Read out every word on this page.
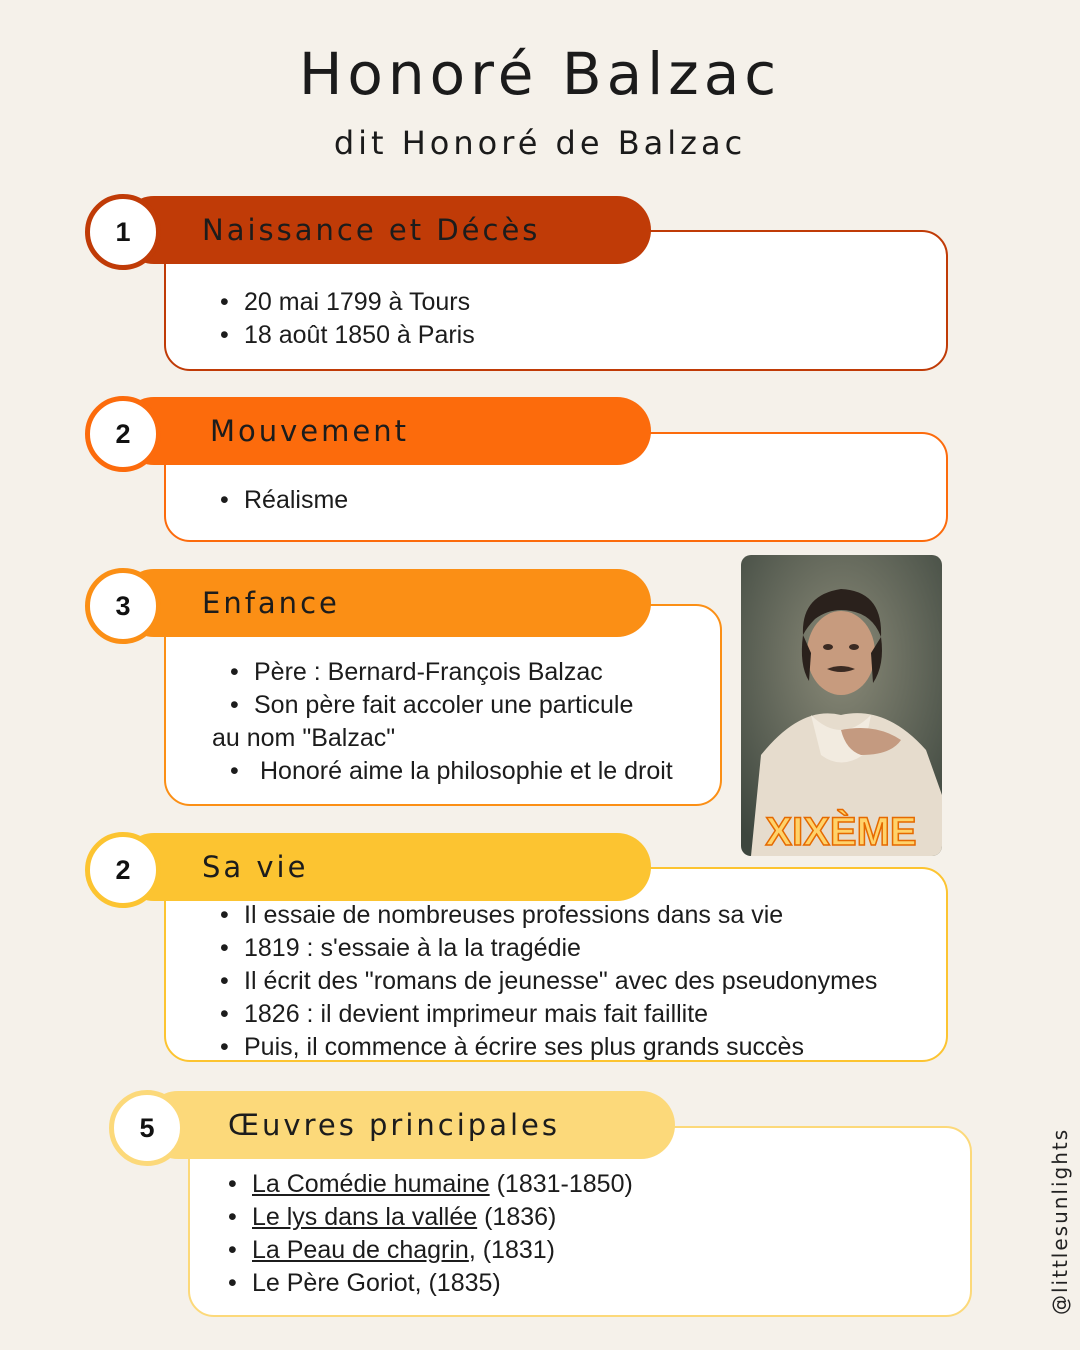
Honoré Balzac
dit Honoré de Balzac
• 20 mai 1799 à Tours
• 18 août 1850 à Paris
Naissance et Décès
1
• Réalisme
Mouvement
2
• Père : Bernard-François Balzac
• Son père fait accoler une particule
au nom "Balzac"
• Honoré aime la philosophie et le droit
Enfance
3
XIXÈME
• Il essaie de nombreuses professions dans sa vie
• 1819 : s'essaie à la la tragédie
• Il écrit des "romans de jeunesse" avec des pseudonymes
• 1826 : il devient imprimeur mais fait faillite
• Puis, il commence à écrire ses plus grands succès
Sa vie
2
• La Comédie humaine (1831-1850)
• Le lys dans la vallée (1836)
• La Peau de chagrin, (1831)
• Le Père Goriot, (1835)
Œuvres principales
5	@littlesunlights
